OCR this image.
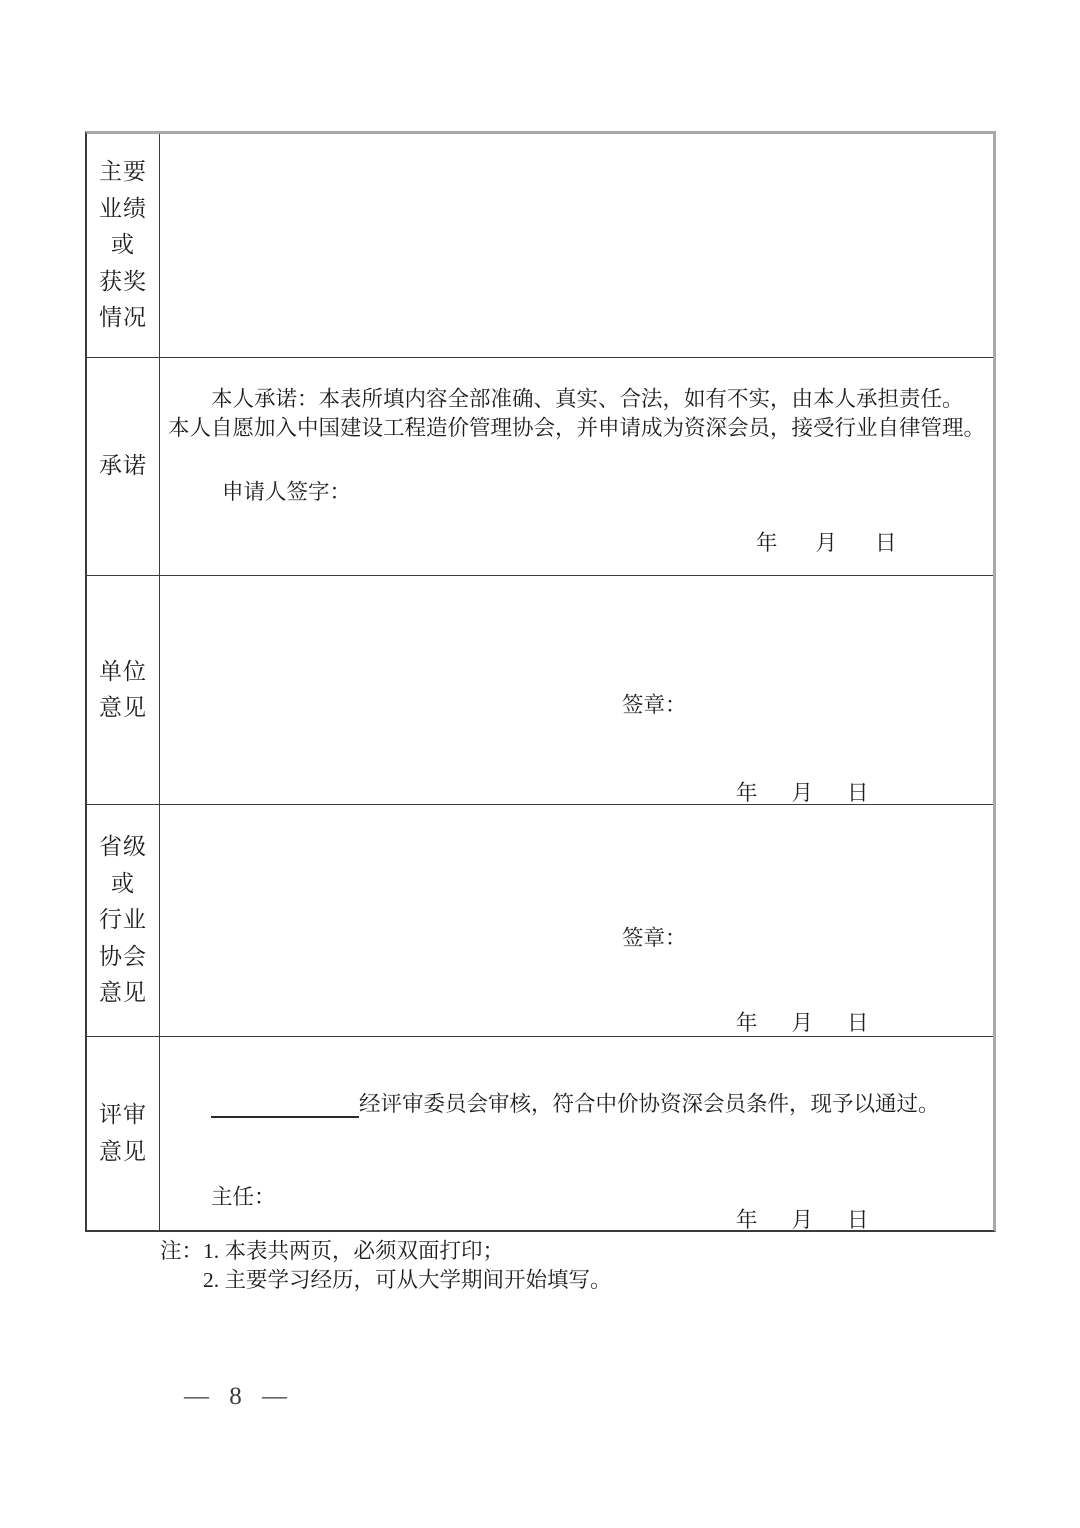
主要
业绩
或
获奖
情况
承诺
本人承诺：本表所填内容全部准确、真实、合法，如有不实，由本人承担责任。
本人自愿加入中国建设工程造价管理协会，并申请成为资深会员，接受行业自律管理。
申请人签字：
年 月 日
单位
意见	签章：
年 月 日
省级
或
行业
协会
意见
签章：
年 月 日
评审
意见
经评审委员会审核，符合中价协资深会员条件，现予以通过。
主任：
年 月 日
注： 1. 本表共两页，必须双面打印；
2. 主要学习经历，可从大学期间开始填写。
— 8 —
